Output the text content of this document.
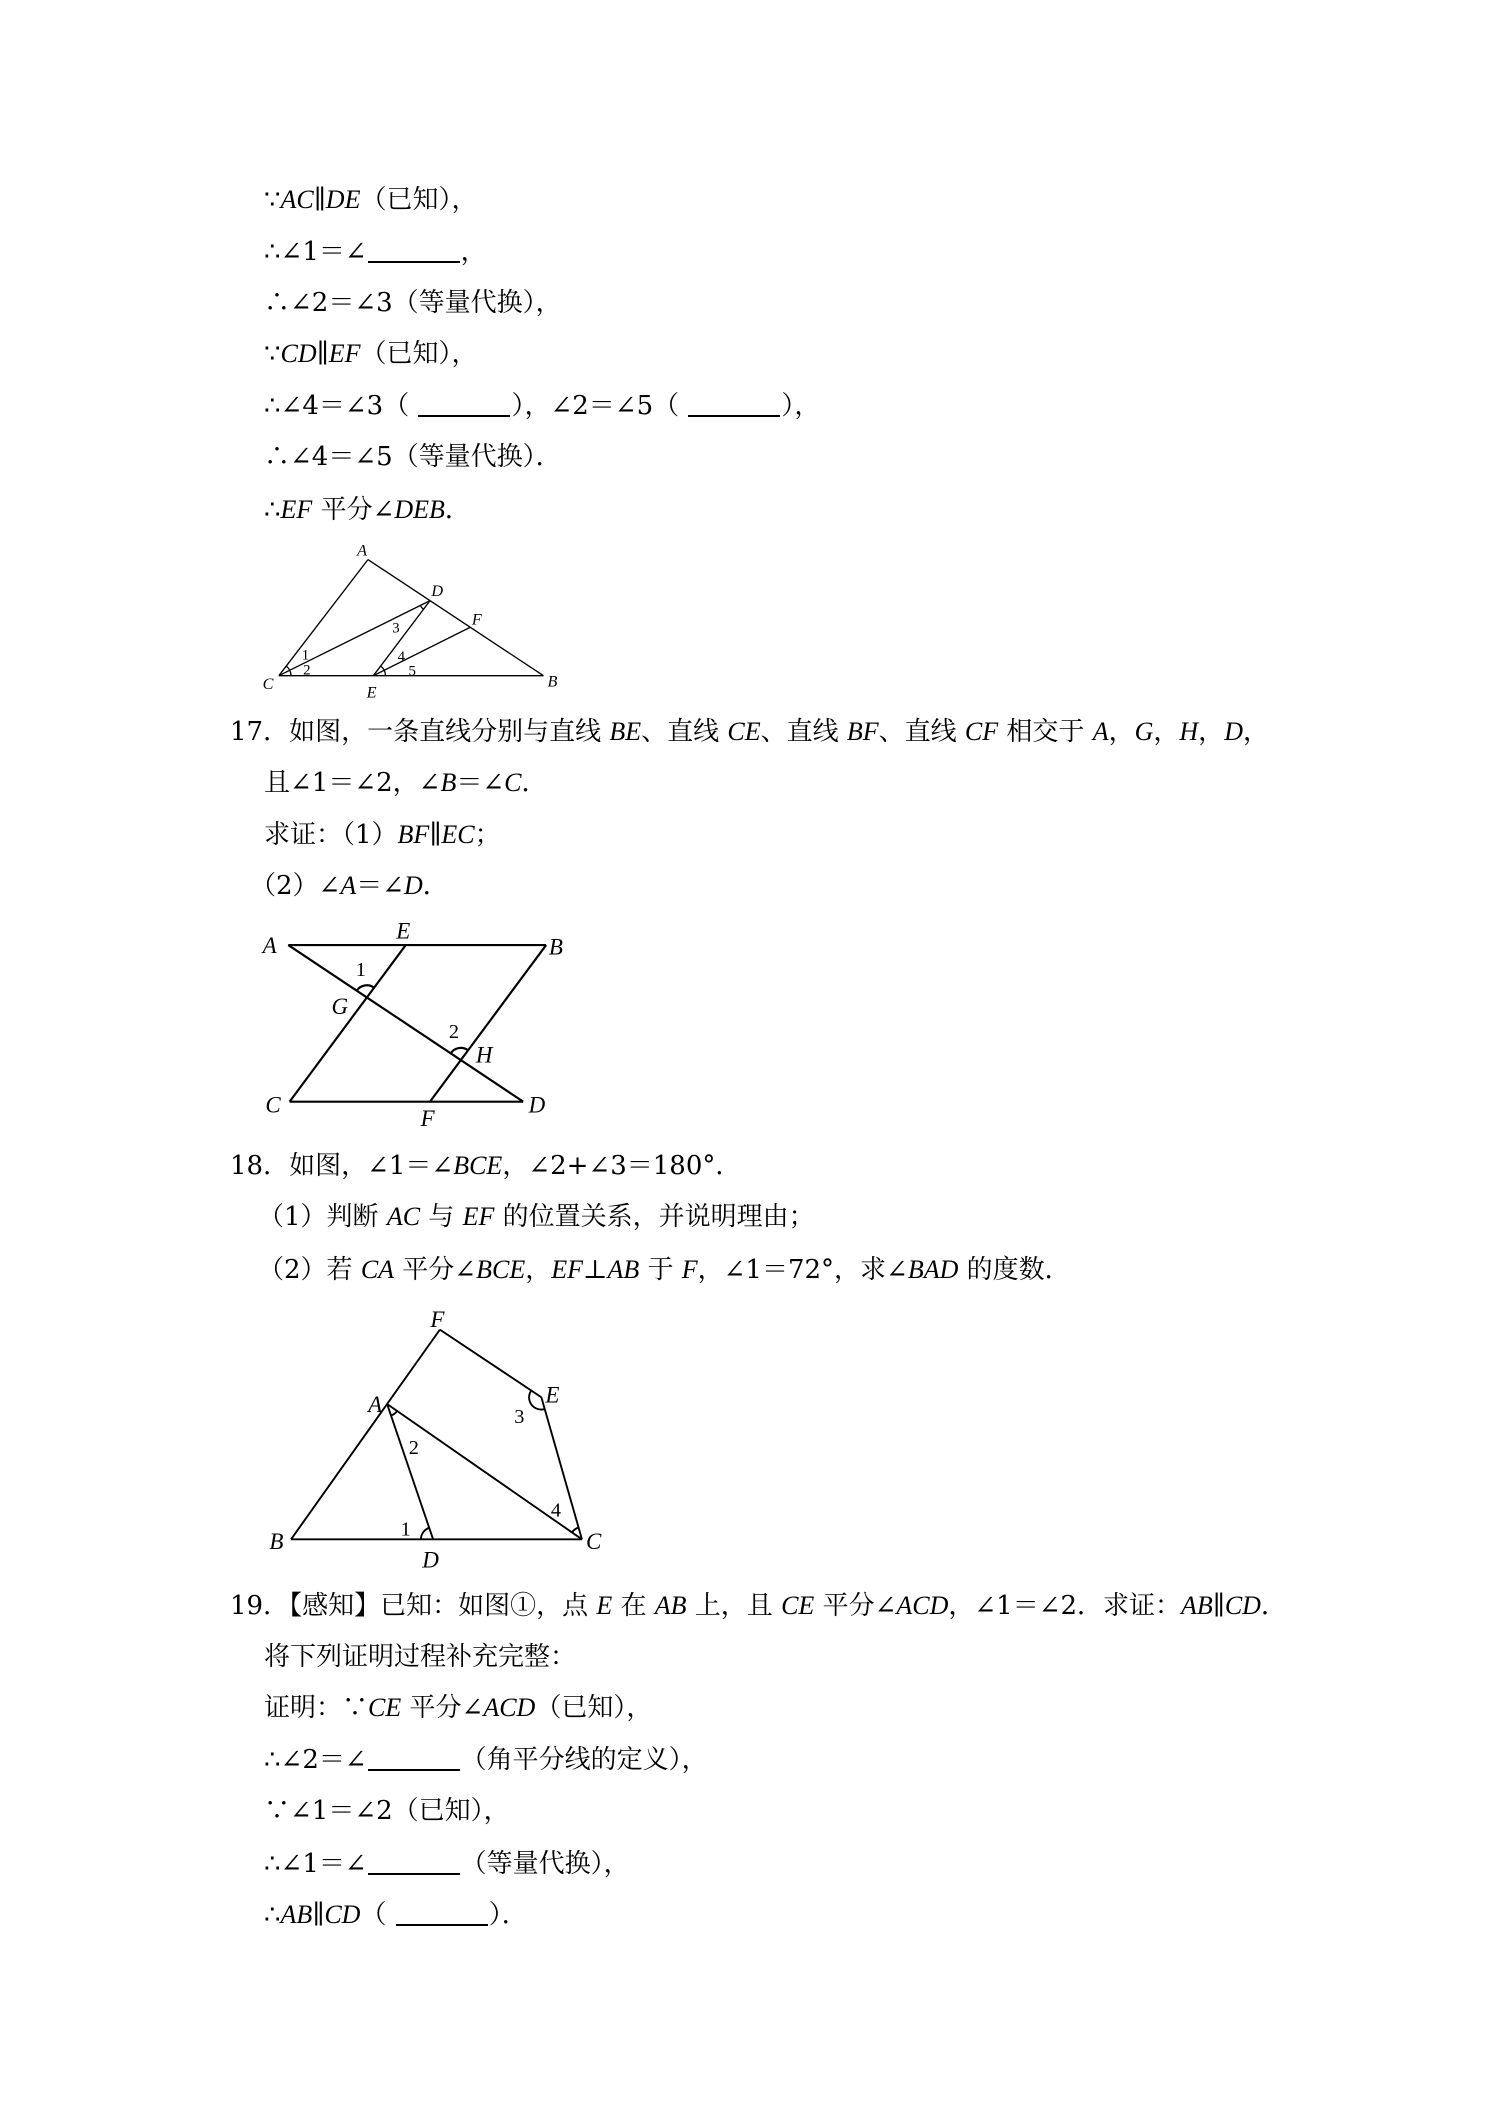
∵AC∥DE（已知），
∴∠1＝∠	，
∴∠2＝∠3（等量代换），
∵CD∥EF（已知），
∴∠4＝∠3（	），∠2＝∠5（	），
∴∠4＝∠5（等量代换）．
∴EF 平分∠DEB．
A
D
F
C	E
B
1
2
3
4
5
17．如图，一条直线分别与直线 BE、直线 CE、直线 BF、直线 CF 相交于 A，G，H，D，
且∠1＝∠2，∠B＝∠C．
求证：（1）BF∥EC；
（2）∠A＝∠D．
A
E
B
G
H
C
F
D
1
2
18．如图，∠1＝∠BCE，∠2+∠3＝180°．
（1）判断 AC 与 EF 的位置关系，并说明理由；
（2）若 CA 平分∠BCE，EF⊥AB 于 F，∠1＝72°，求∠BAD 的度数．
F
A	E
B
D
C
3
2
4
1
19．【感知】已知：如图①，点 E 在 AB 上，且 CE 平分∠ACD，∠1＝∠2．求证：AB∥CD．
将下列证明过程补充完整：
证明：∵CE 平分∠ACD（已知），
∴∠2＝∠	（角平分线的定义），
∵∠1＝∠2（已知），
∴∠1＝∠	（等量代换），
∴AB∥CD（	）．
